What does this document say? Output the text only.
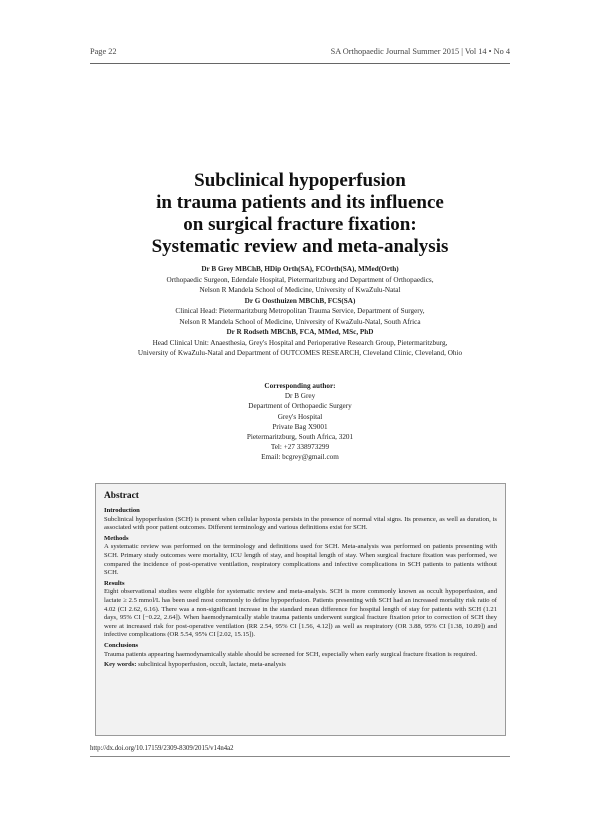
Page 22	SA Orthopaedic Journal Summer 2015 | Vol 14 • No 4
Subclinical hypoperfusion
in trauma patients and its influence
on surgical fracture fixation:
Systematic review and meta-analysis
Dr B Grey MBChB, HDip Orth(SA), FCOrth(SA), MMed(Orth)
Orthopaedic Surgeon, Edendale Hospital, Pietermaritzburg and Department of Orthopaedics,
Nelson R Mandela School of Medicine, University of KwaZulu-Natal
Dr G Oosthuizen MBChB, FCS(SA)
Clinical Head: Pietermaritzburg Metropolitan Trauma Service, Department of Surgery,
Nelson R Mandela School of Medicine, University of KwaZulu-Natal, South Africa
Dr R Rodseth MBChB, FCA, MMed, MSc, PhD
Head Clinical Unit: Anaesthesia, Grey's Hospital and Perioperative Research Group, Pietermaritzburg,
University of KwaZulu-Natal and Department of OUTCOMES RESEARCH, Cleveland Clinic, Cleveland, Ohio
Corresponding author:
Dr B Grey
Department of Orthopaedic Surgery
Grey's Hospital
Private Bag X9001
Pietermaritzburg, South Africa, 3201
Tel: +27 338973299
Email: bcgrey@gmail.com
Abstract
Introduction

Subclinical hypoperfusion (SCH) is present when cellular hypoxia persists in the presence of normal vital signs. Its presence, as well as duration, is associated with poor patient outcomes. Different terminology and various definitions exist for SCH.

Methods

A systematic review was performed on the terminology and definitions used for SCH. Meta-analysis was performed on patients presenting with SCH. Primary study outcomes were mortality, ICU length of stay, and hospital length of stay. When surgical fracture fixation was performed, we compared the incidence of post-operative ventilation, respiratory complications and infective complications in SCH patients to patients without SCH.

Results

Eight observational studies were eligible for systematic review and meta-analysis. SCH is more commonly known as occult hypoperfusion, and lactate ≥ 2.5 mmol/L has been used most commonly to define hypoperfusion. Patients presenting with SCH had an increased mortality risk ratio of 4.02 (CI 2.62, 6.16). There was a non-significant increase in the standard mean difference for hospital length of stay for patients with SCH (1.21 days, 95% CI [−0.22, 2.64]). When haemodynamically stable trauma patients underwent surgical fracture fixation prior to correction of SCH they were at increased risk for post-operative ventilation (RR 2.54, 95% CI [1.56, 4.12]) as well as respiratory (OR 3.88, 95% CI [1.38, 10.89]) and infective complications (OR 5.54, 95% CI [2.02, 15.15]).

Conclusions

Trauma patients appearing haemodynamically stable should be screened for SCH, especially when early surgical fracture fixation is required.

Key words: subclinical hypoperfusion, occult, lactate, meta-analysis
http://dx.doi.org/10.17159/2309-8309/2015/v14n4a2
